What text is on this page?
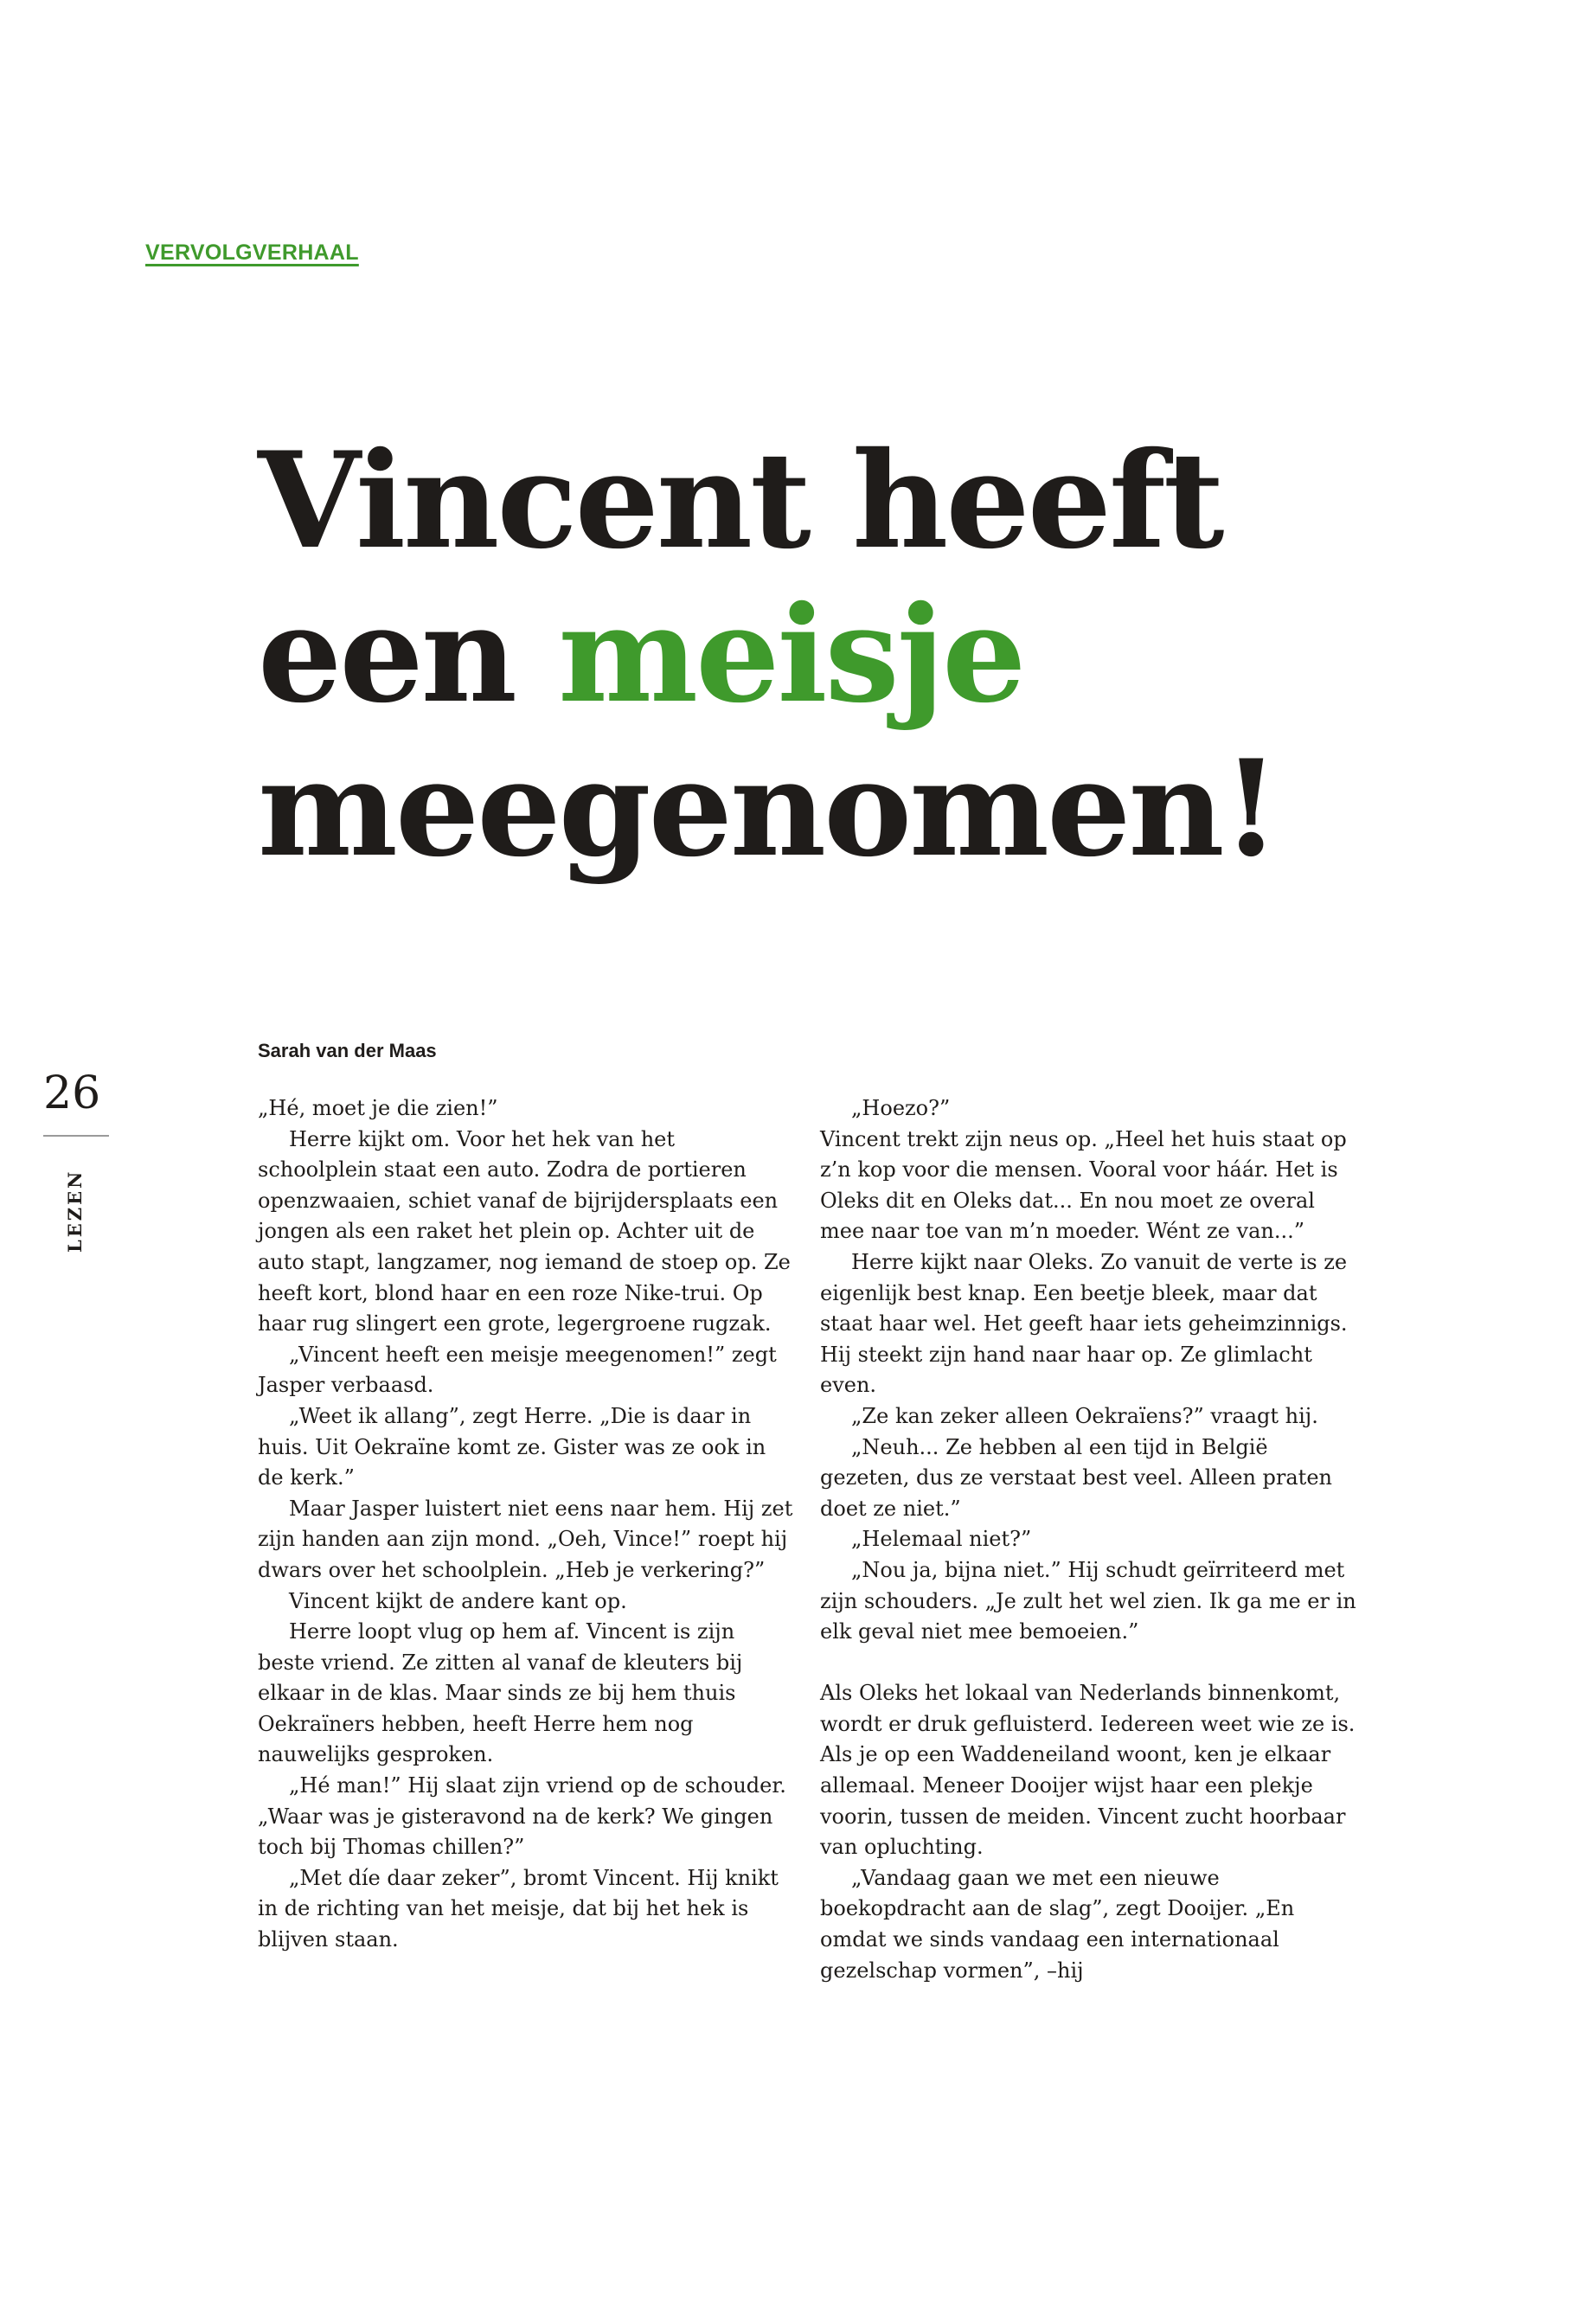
VERVOLGVERHAAL
Vincent heeft
een meisje
meegenomen!
Sarah van der Maas
26
LEZEN

„Hé, moet je die zien!”

Herre kijkt om. Voor het hek van het schoolplein staat een auto. Zodra de portieren openzwaaien, schiet vanaf de bijrijdersplaats een jongen als een raket het plein op. Achter uit de auto stapt, langzamer, nog iemand de stoep op. Ze heeft kort, blond haar en een roze Nike-trui. Op haar rug slingert een grote, legergroene rugzak.

„Vincent heeft een meisje meegenomen!” zegt Jasper verbaasd.

„Weet ik allang”, zegt Herre. „Die is daar in huis. Uit Oekraïne komt ze. Gister was ze ook in de kerk.”

Maar Jasper luistert niet eens naar hem. Hij zet zijn handen aan zijn mond. „Oeh, Vince!” roept hij dwars over het schoolplein. „Heb je verkering?”

Vincent kijkt de andere kant op.

Herre loopt vlug op hem af. Vincent is zijn beste vriend. Ze zitten al vanaf de kleuters bij elkaar in de klas. Maar sinds ze bij hem thuis Oekraïners hebben, heeft Herre hem nog nauwelijks gesproken.

„Hé man!” Hij slaat zijn vriend op de schouder. „Waar was je gisteravond na de kerk? We gingen toch bij Thomas chillen?”

„Met díe daar zeker”, bromt Vincent. Hij knikt in de richting van het meisje, dat bij het hek is blijven staan.

„Hoezo?”

Vincent trekt zijn neus op. „Heel het huis staat op z’n kop voor die mensen. Vooral voor háár. Het is Oleks dit en Oleks dat... En nou moet ze overal mee naar toe van m’n moeder. Wént ze van...”

Herre kijkt naar Oleks. Zo vanuit de verte is ze eigenlijk best knap. Een beetje bleek, maar dat staat haar wel. Het geeft haar iets geheimzinnigs. Hij steekt zijn hand naar haar op. Ze glimlacht even.

„Ze kan zeker alleen Oekraïens?” vraagt hij.

„Neuh... Ze hebben al een tijd in België gezeten, dus ze verstaat best veel. Alleen praten doet ze niet.”

„Helemaal niet?”

„Nou ja, bijna niet.” Hij schudt geïrriteerd met zijn schouders. „Je zult het wel zien. Ik ga me er in elk geval niet mee bemoeien.”

Als Oleks het lokaal van Nederlands binnenkomt, wordt er druk gefluisterd. Iedereen weet wie ze is. Als je op een Waddeneiland woont, ken je elkaar allemaal. Meneer Dooijer wijst haar een plekje voorin, tussen de meiden. Vincent zucht hoorbaar van opluchting.

„Vandaag gaan we met een nieuwe boekopdracht aan de slag”, zegt Dooijer. „En omdat we sinds vandaag een internationaal gezelschap vormen”, –hij
